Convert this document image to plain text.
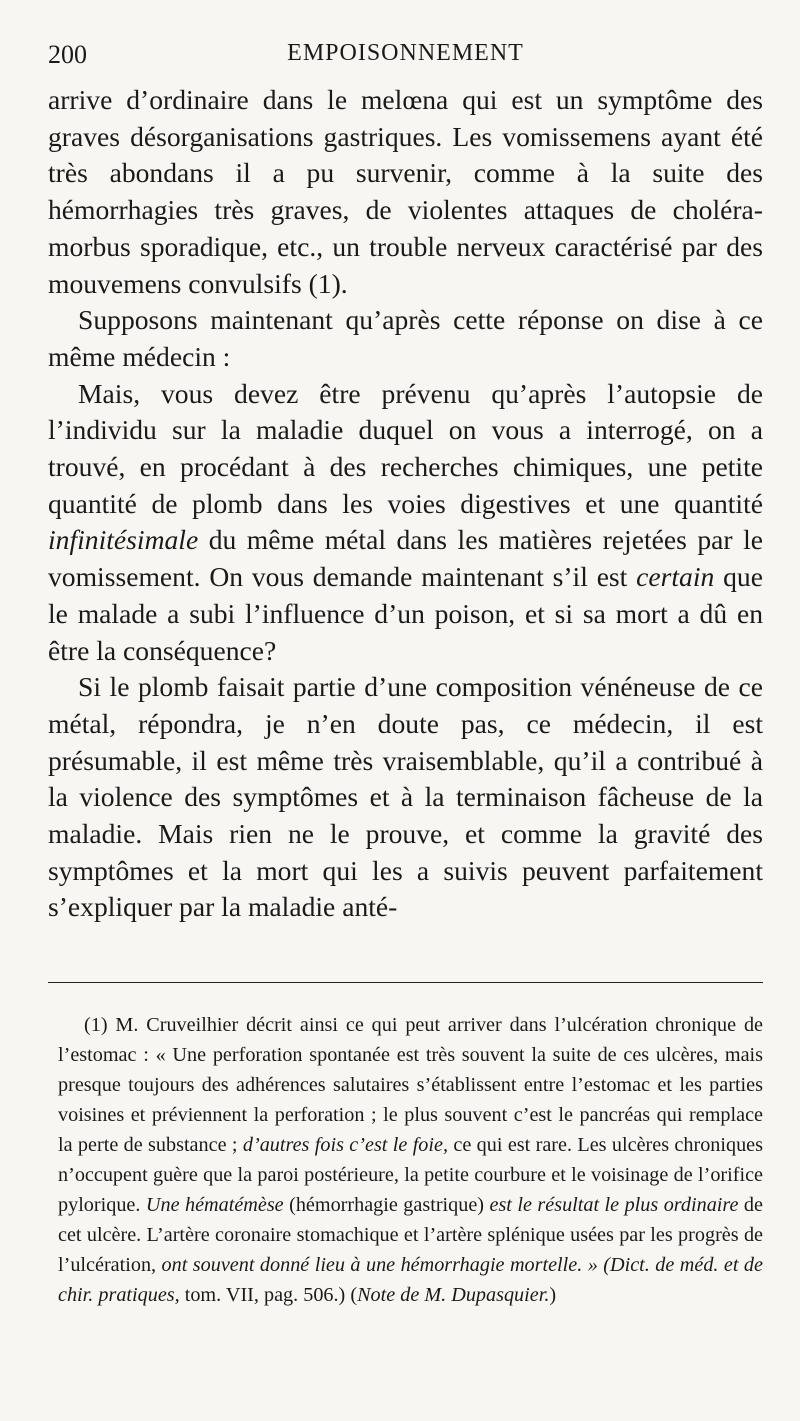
200	EMPOISONNEMENT

arrive d’ordinaire dans le melœna qui est un symptôme des graves désorganisations gastriques. Les vomissemens ayant été très abondans il a pu survenir, comme à la suite des hémorrhagies très graves, de violentes attaques de choléra-morbus sporadique, etc., un trouble nerveux caractérisé par des mouvemens convulsifs (1).

Supposons maintenant qu’après cette réponse on dise à ce même médecin :

Mais, vous devez être prévenu qu’après l’autopsie de l’individu sur la maladie duquel on vous a interrogé, on a trouvé, en procédant à des recherches chimiques, une petite quantité de plomb dans les voies digestives et une quantité infinitésimale du même métal dans les matières rejetées par le vomissement. On vous demande maintenant s’il est certain que le malade a subi l’influence d’un poison, et si sa mort a dû en être la conséquence?

Si le plomb faisait partie d’une composition vénéneuse de ce métal, répondra, je n’en doute pas, ce médecin, il est présumable, il est même très vraisemblable, qu’il a contribué à la violence des symptômes et à la terminaison fâcheuse de la maladie. Mais rien ne le prouve, et comme la gravité des symptômes et la mort qui les a suivis peuvent parfaitement s’expliquer par la maladie anté-

(1) M. Cruveilhier décrit ainsi ce qui peut arriver dans l’ulcération chronique de l’estomac : « Une perforation spontanée est très souvent la suite de ces ulcères, mais presque toujours des adhérences salutaires s’établissent entre l’estomac et les parties voisines et préviennent la perforation ; le plus souvent c’est le pancréas qui remplace la perte de substance ; d’autres fois c’est le foie, ce qui est rare. Les ulcères chroniques n’occupent guère que la paroi postérieure, la petite courbure et le voisinage de l’orifice pylorique. Une hématémèse (hémorrhagie gastrique) est le résultat le plus ordinaire de cet ulcère. L’artère coronaire stomachique et l’artère splénique usées par les progrès de l’ulcération, ont souvent donné lieu à une hémorrhagie mortelle. » (Dict. de méd. et de chir. pratiques, tom. VII, pag. 506.) (Note de M. Dupasquier.)
